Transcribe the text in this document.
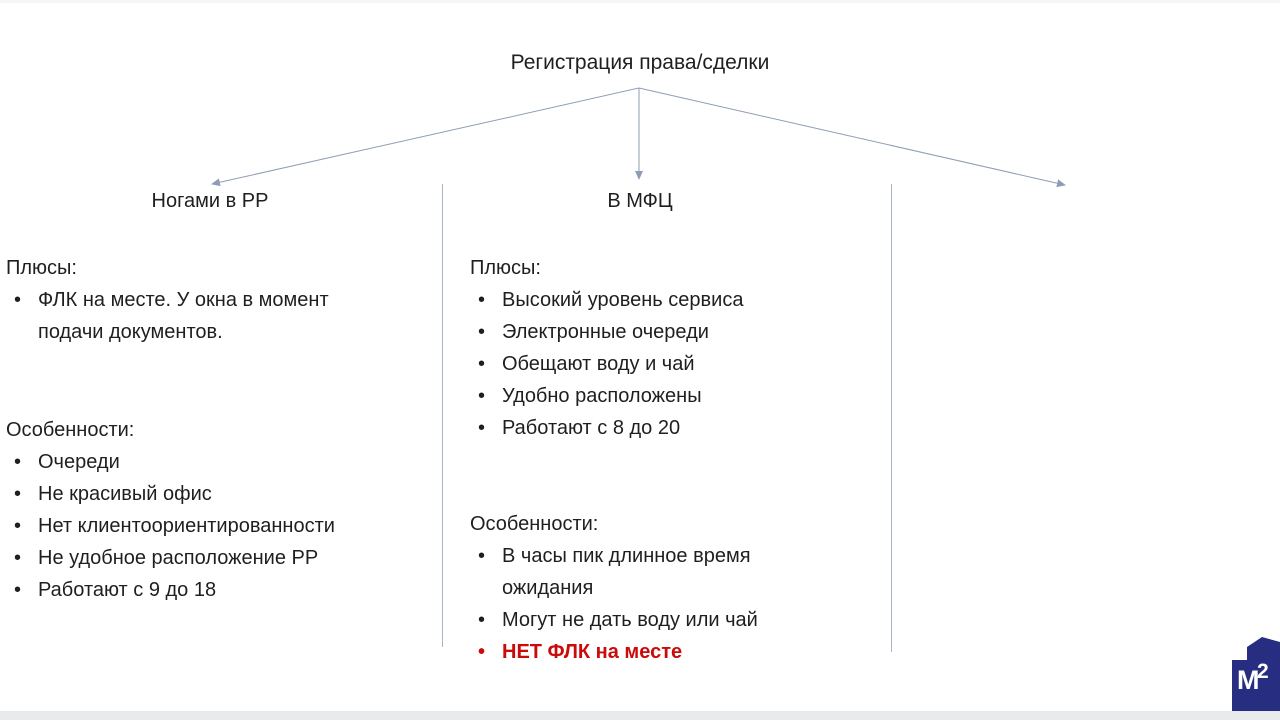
Регистрация права/сделки
Ногами в РР	В МФЦ
Плюсы:
• ФЛК на месте. У окна в момент подачи документов.
Особенности:
• Очереди
• Не красивый офис
• Нет клиентоориентированности
• Не удобное расположение РР
• Работают с 9 до 18
Плюсы:
• Высокий уровень сервиса
• Электронные очереди
• Обещают воду и чай
• Удобно расположены
• Работают с 8 до 20
Особенности:
• В часы пик длинное время ожидания
• Могут не дать воду или чай
• НЕТ ФЛК на месте
М
2
